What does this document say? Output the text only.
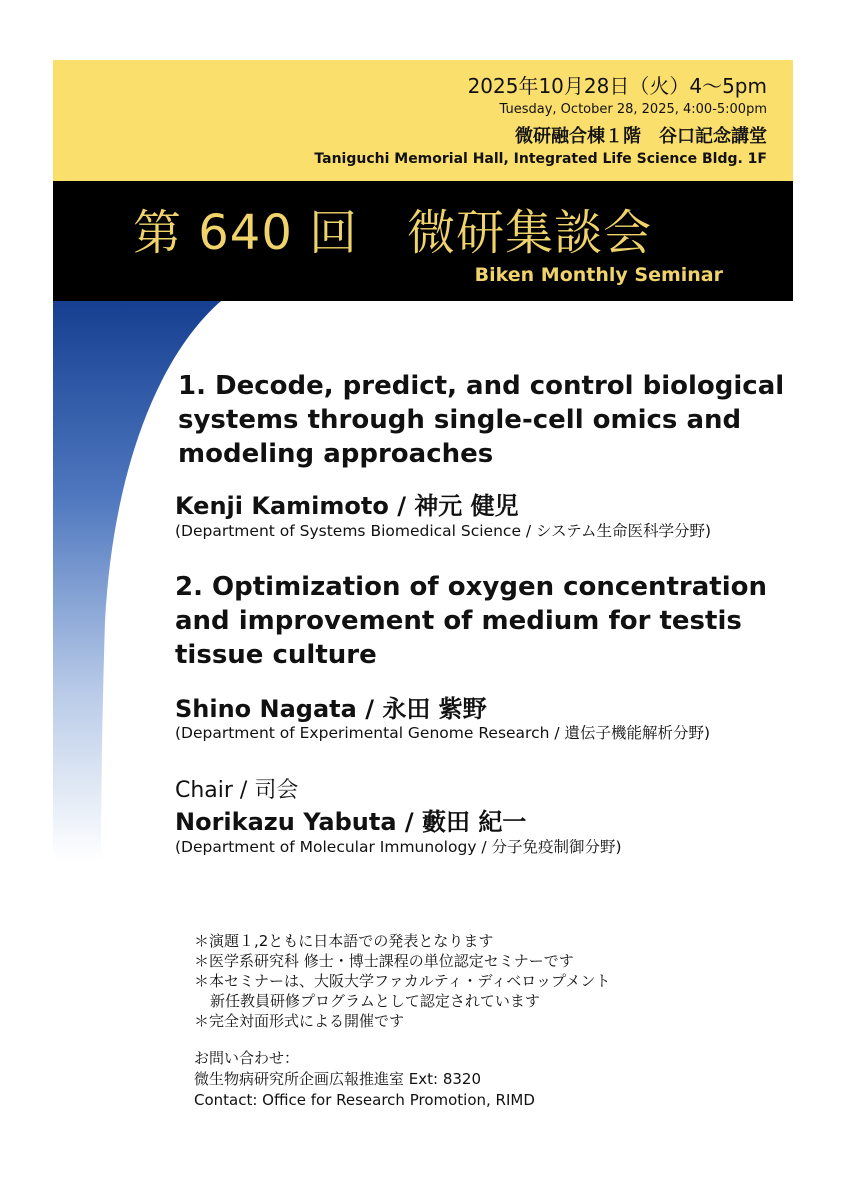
2025年10月28日（火）4〜5pm
Tuesday, October 28, 2025, 4:00-5:00pm
微研融合棟１階　谷口記念講堂
Taniguchi Memorial Hall, Integrated Life Science Bldg. 1F
第 640 回　微研集談会
Biken Monthly Seminar
1. Decode, predict, and control biological
systems through single-cell omics and
modeling approaches
Kenji Kamimoto / 神元 健児
(Department of Systems Biomedical Science / システム生命医科学分野)
2. Optimization of oxygen concentration
and improvement of medium for testis
tissue culture
Shino Nagata / 永田 紫野
(Department of Experimental Genome Research / 遺伝子機能解析分野)
Chair / 司会
Norikazu Yabuta / 藪田 紀一
(Department of Molecular Immunology / 分子免疫制御分野)
＊演題１,2ともに日本語での発表となります
＊医学系研究科 修士・博士課程の単位認定セミナーです
＊本セミナーは、大阪大学ファカルティ・ディベロップメント
新任教員研修プログラムとして認定されています
＊完全対面形式による開催です
お問い合わせ：
微生物病研究所企画広報推進室 Ext: 8320
Contact: Office for Research Promotion, RIMD
